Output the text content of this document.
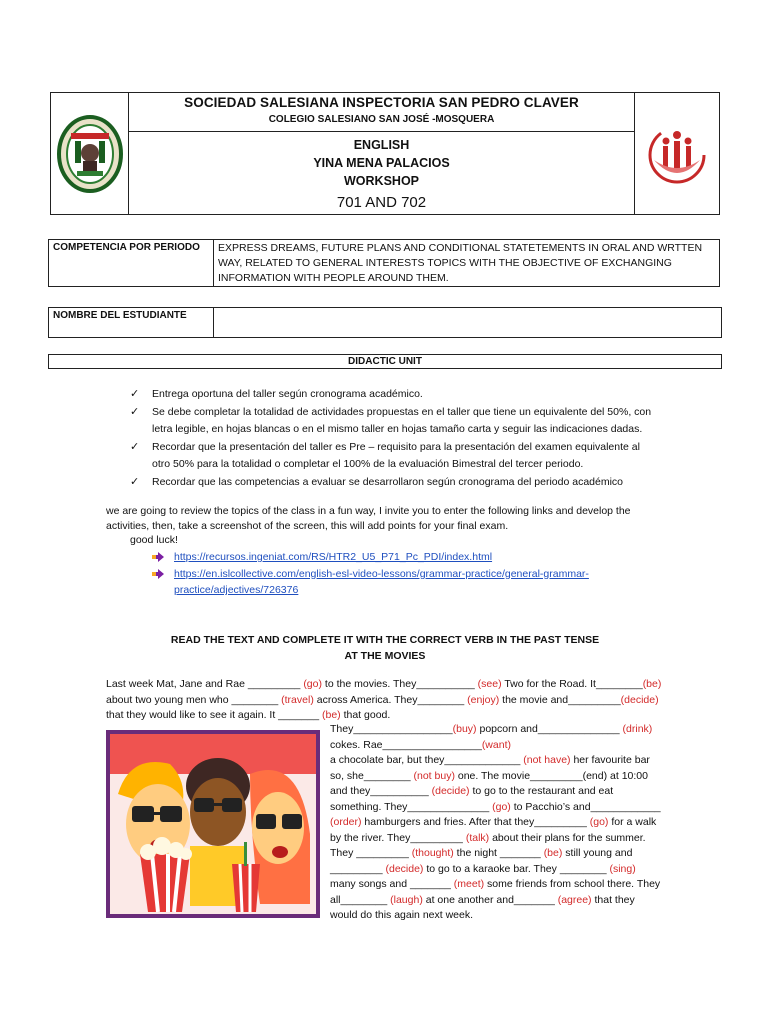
SOCIEDAD SALESIANA INSPECTORIA SAN PEDRO CLAVER
COLEGIO SALESIANO SAN JOSÉ -MOSQUERA
ENGLISH
YINA MENA PALACIOS
WORKSHOP
701 AND 702
COMPETENCIA POR PERIODO	EXPRESS DREAMS, FUTURE PLANS AND CONDITIONAL STATETEMENTS IN ORAL AND WRTTEN WAY, RELATED TO GENERAL INTERESTS TOPICS WITH THE OBJECTIVE OF EXCHANGING INFORMATION WITH PEOPLE AROUND THEM.
NOMBRE DEL ESTUDIANTE
DIDACTIC UNIT
✓ Entrega oportuna del taller según cronograma académico.
✓ Se debe completar la totalidad de actividades propuestas en el taller que tiene un equivalente del 50%, con letra legible, en hojas blancas o en el mismo taller en hojas tamaño carta y seguir las indicaciones dadas.
✓ Recordar que la presentación del taller es Pre – requisito para la presentación del examen equivalente al otro 50% para la totalidad o completar el 100% de la evaluación Bimestral del tercer periodo.
✓ Recordar que las competencias a evaluar se desarrollaron según cronograma del periodo académico
we are going to review the topics of the class in a fun way, I invite you to enter the following links and develop the activities, then, take a screenshot of the screen, this will add points for your final exam.
good luck!
https://recursos.ingeniat.com/RS/HTR2_U5_P71_Pc_PDI/index.html
https://en.islcollective.com/english-esl-video-lessons/grammar-practice/general-grammar-practice/adjectives/726376
READ THE TEXT AND COMPLETE IT WITH THE CORRECT VERB IN THE PAST TENSE
AT THE MOVIES
Last week Mat, Jane and Rae _________ (go) to the movies. They__________ (see) Two for the Road. It________(be)
about two young men who ________ (travel) across America. They________ (enjoy) the movie and_________(decide)
that they would like to see it again. It _______ (be) that good.
They_________________(buy) popcorn and______________ (drink)
cokes. Rae_________________(want)
a chocolate bar, but they_____________ (not have) her favourite bar
so, she________ (not buy) one. The movie_________(end) at 10:00
and they__________ (decide) to go to the restaurant and eat
something. They______________ (go) to Pacchio’s and____________
(order) hamburgers and fries. After that they_________ (go) for a walk
by the river. They_________ (talk) about their plans for the summer.
They _________ (thought) the night _______ (be) still young and
_________ (decide) to go to a karaoke bar. They ________ (sing)
many songs and _______ (meet) some friends from school there. They
all________ (laugh) at one another and_______ (agree) that they
would do this again next week.
